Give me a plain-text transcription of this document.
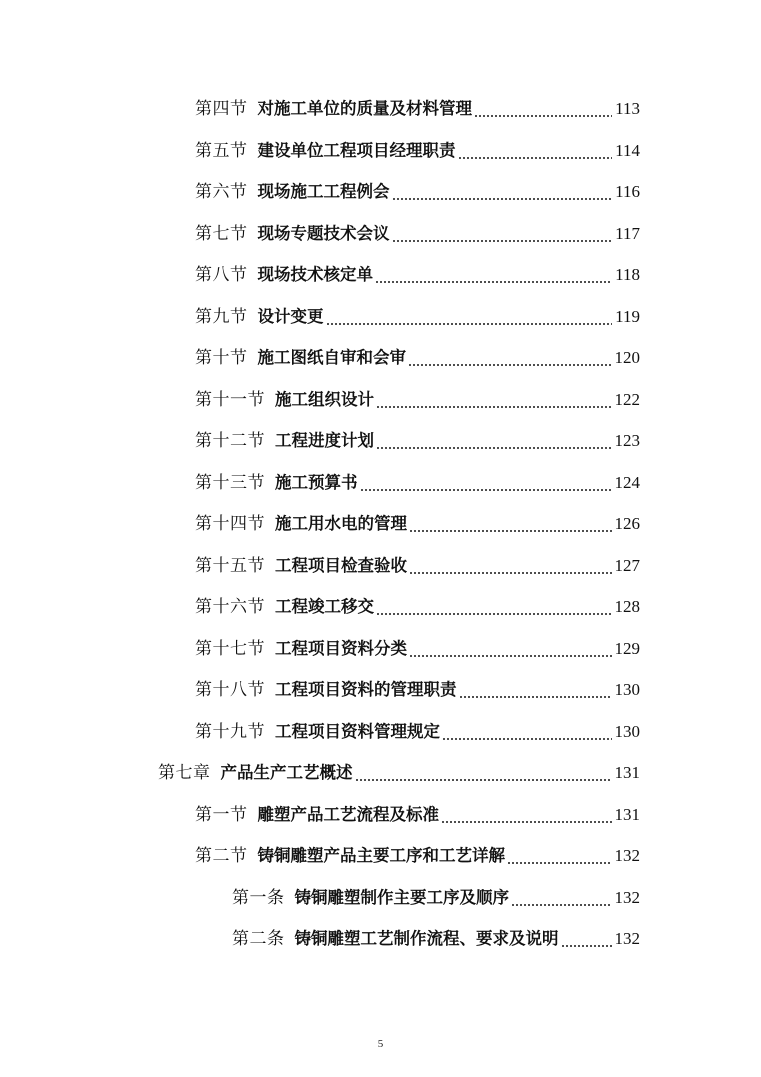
第四节 对施工单位的质量及材料管理	113
第五节 建设单位工程项目经理职责	114
第六节 现场施工工程例会	116
第七节 现场专题技术会议	117
第八节 现场技术核定单	118
第九节 设计变更	119
第十节 施工图纸自审和会审	120
第十一节 施工组织设计	122
第十二节 工程进度计划	123
第十三节 施工预算书	124
第十四节 施工用水电的管理	126
第十五节 工程项目检查验收	127
第十六节 工程竣工移交	128
第十七节 工程项目资料分类	129
第十八节 工程项目资料的管理职责	130
第十九节 工程项目资料管理规定	130
第七章 产品生产工艺概述	131
第一节 雕塑产品工艺流程及标准	131
第二节 铸铜雕塑产品主要工序和工艺详解	132
第一条 铸铜雕塑制作主要工序及顺序	132
第二条 铸铜雕塑工艺制作流程、要求及说明	132
5
